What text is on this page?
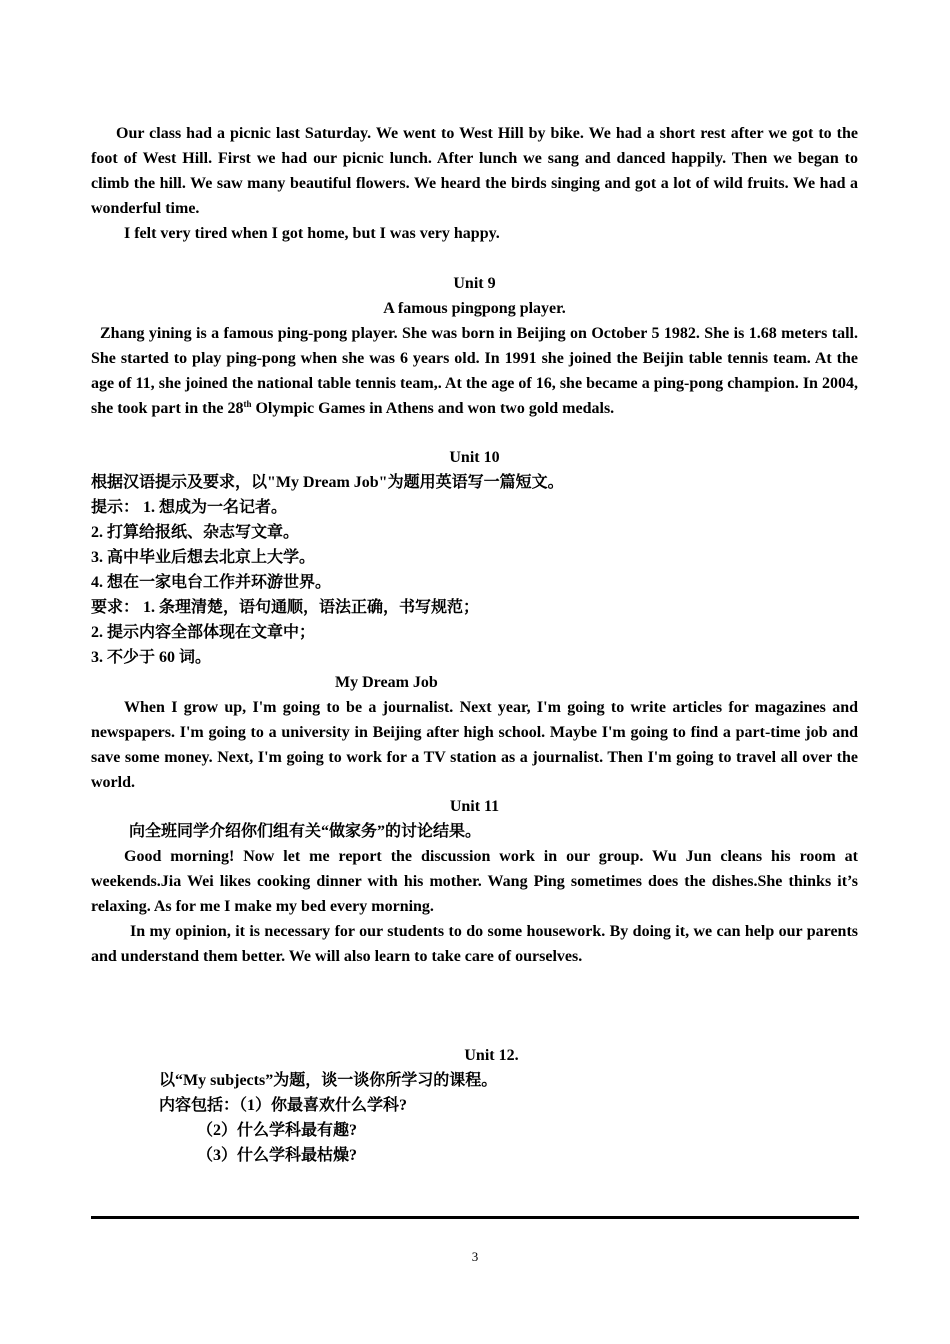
Our class had a picnic last Saturday. We went to West Hill by bike. We had a short rest after we got to the foot of West Hill. First we had our picnic lunch. After lunch we sang and danced happily. Then we began to climb the hill. We saw many beautiful flowers. We heard the birds singing and got a lot of wild fruits. We had a wonderful time.

I felt very tired when I got home, but I was very happy.

Unit 9

A famous pingpong player.

Zhang yining is a famous ping-pong player. She was born in Beijing on October 5 1982. She is 1.68 meters tall. She started to play ping-pong when she was 6 years old. In 1991 she joined the Beijin table tennis team. At the age of 11, she joined the national table tennis team,. At the age of 16, she became a ping-pong champion. In 2004, she took part in the 28th Olympic Games in Athens and won two gold medals.

Unit 10

根据汉语提示及要求，以"My Dream Job"为题用英语写一篇短文。

提示： 1. 想成为一名记者。

2. 打算给报纸、杂志写文章。

3. 高中毕业后想去北京上大学。

4. 想在一家电台工作并环游世界。

要求： 1. 条理清楚，语句通顺，语法正确，书写规范；

2. 提示内容全部体现在文章中；

3. 不少于 60 词。

My Dream Job

When I grow up, I'm going to be a journalist. Next year, I'm going to write articles for magazines and newspapers. I'm going to a university in Beijing after high school. Maybe I'm going to find a part-time job and save some money. Next, I'm going to work for a TV station as a journalist. Then I'm going to travel all over the world.

Unit 11

向全班同学介绍你们组有关“做家务”的讨论结果。

Good morning! Now let me report the discussion work in our group. Wu Jun cleans his room at weekends.Jia Wei likes cooking dinner with his mother. Wang Ping sometimes does the dishes.She thinks it’s relaxing. As for me I make my bed every morning.

In my opinion, it is necessary for our students to do some housework. By doing it, we can help our parents and understand them better. We will also learn to take care of ourselves.

Unit 12.

以“My subjects”为题，谈一谈你所学习的课程。

内容包括：（1）你最喜欢什么学科?

（2）什么学科最有趣?

（3）什么学科最枯燥?

3
